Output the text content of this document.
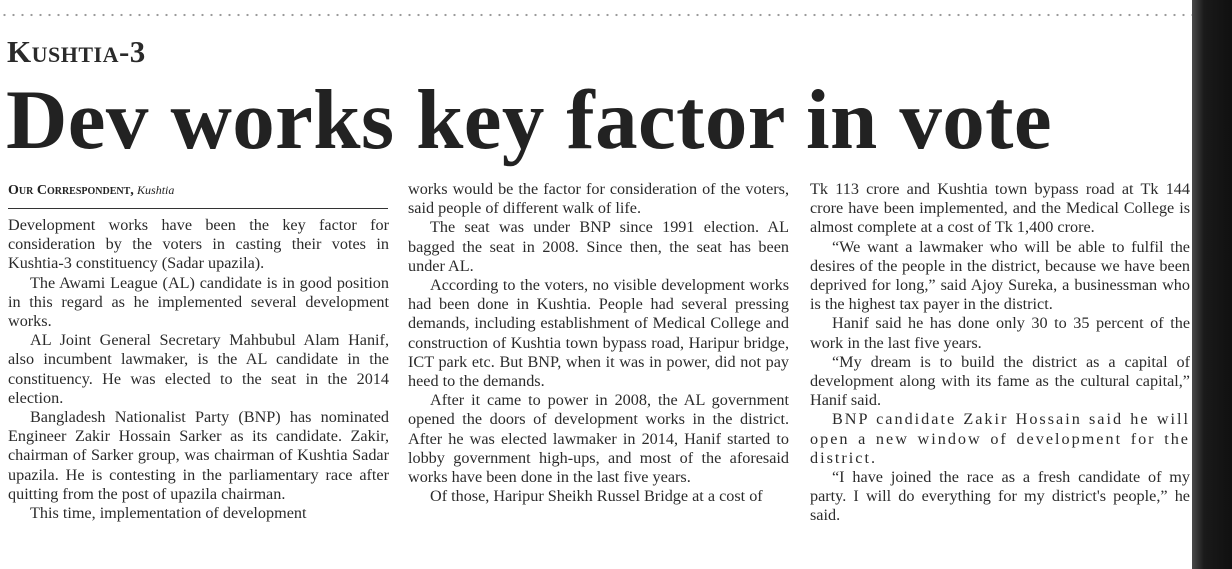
Kushtia-3
Dev works key factor in vote
Our Correspondent, Kushtia

Development works have been the key factor for consideration by the voters in casting their votes in Kushtia-3 constituency (Sadar upazila).

The Awami League (AL) candidate is in good position in this regard as he implemented several development works.

AL Joint General Secretary Mahbubul Alam Hanif, also incumbent lawmaker, is the AL candidate in the constituency. He was elected to the seat in the 2014 election.

Bangladesh Nationalist Party (BNP) has nominated Engineer Zakir Hossain Sarker as its candidate. Zakir, chairman of Sarker group, was chairman of Kushtia Sadar upazila. He is contesting in the parliamentary race after quitting from the post of upazila chairman.

This time, implementation of development

works would be the factor for consideration of the voters, said people of different walk of life.

The seat was under BNP since 1991 election. AL bagged the seat in 2008. Since then, the seat has been under AL.

According to the voters, no visible development works had been done in Kushtia. People had several pressing demands, including establishment of Medical College and construction of Kushtia town bypass road, Haripur bridge, ICT park etc. But BNP, when it was in power, did not pay heed to the demands.

After it came to power in 2008, the AL government opened the doors of development works in the district. After he was elected lawmaker in 2014, Hanif started to lobby government high-ups, and most of the aforesaid works have been done in the last five years.

Of those, Haripur Sheikh Russel Bridge at a cost of

Tk 113 crore and Kushtia town bypass road at Tk 144 crore have been implemented, and the Medical College is almost complete at a cost of Tk 1,400 crore.

“We want a lawmaker who will be able to fulfil the desires of the people in the district, because we have been deprived for long,” said Ajoy Sureka, a businessman who is the highest tax payer in the district.

Hanif said he has done only 30 to 35 percent of the work in the last five years.

“My dream is to build the district as a capital of development along with its fame as the cultural capital,” Hanif said.

BNP candidate Zakir Hossain said he will open a new window of development for the district.

“I have joined the race as a fresh candidate of my party. I will do everything for my district's people,” he said.
